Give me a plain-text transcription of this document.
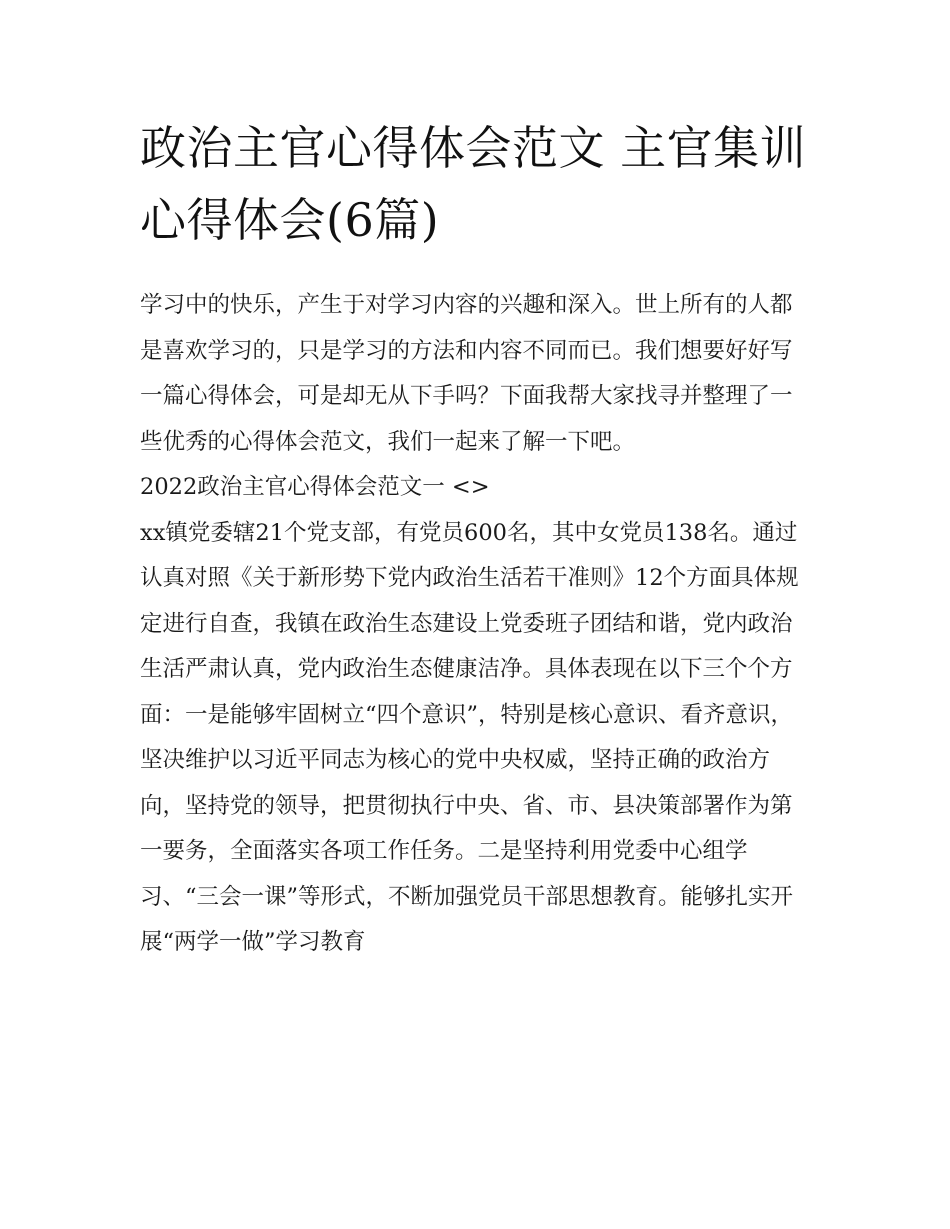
政治主官心得体会范文 主官集训心得体会(6篇)

学习中的快乐，产生于对学习内容的兴趣和深入。世上所有的人都是喜欢学习的，只是学习的方法和内容不同而已。我们想要好好写一篇心得体会，可是却无从下手吗？下面我帮大家找寻并整理了一些优秀的心得体会范文，我们一起来了解一下吧。

2022政治主官心得体会范文一 <>

xx镇党委辖21个党支部，有党员600名，其中女党员138名。通过认真对照《关于新形势下党内政治生活若干准则》12个方面具体规定进行自查，我镇在政治生态建设上党委班子团结和谐，党内政治生活严肃认真，党内政治生态健康洁净。具体表现在以下三个个方面：一是能够牢固树立“四个意识”，特别是核心意识、看齐意识，坚决维护以习近平同志为核心的党中央权威，坚持正确的政治方向，坚持党的领导，把贯彻执行中央、省、市、县决策部署作为第一要务，全面落实各项工作任务。二是坚持利用党委中心组学习、“三会一课”等形式，不断加强党员干部思想教育。能够扎实开展“两学一做”学习教育
